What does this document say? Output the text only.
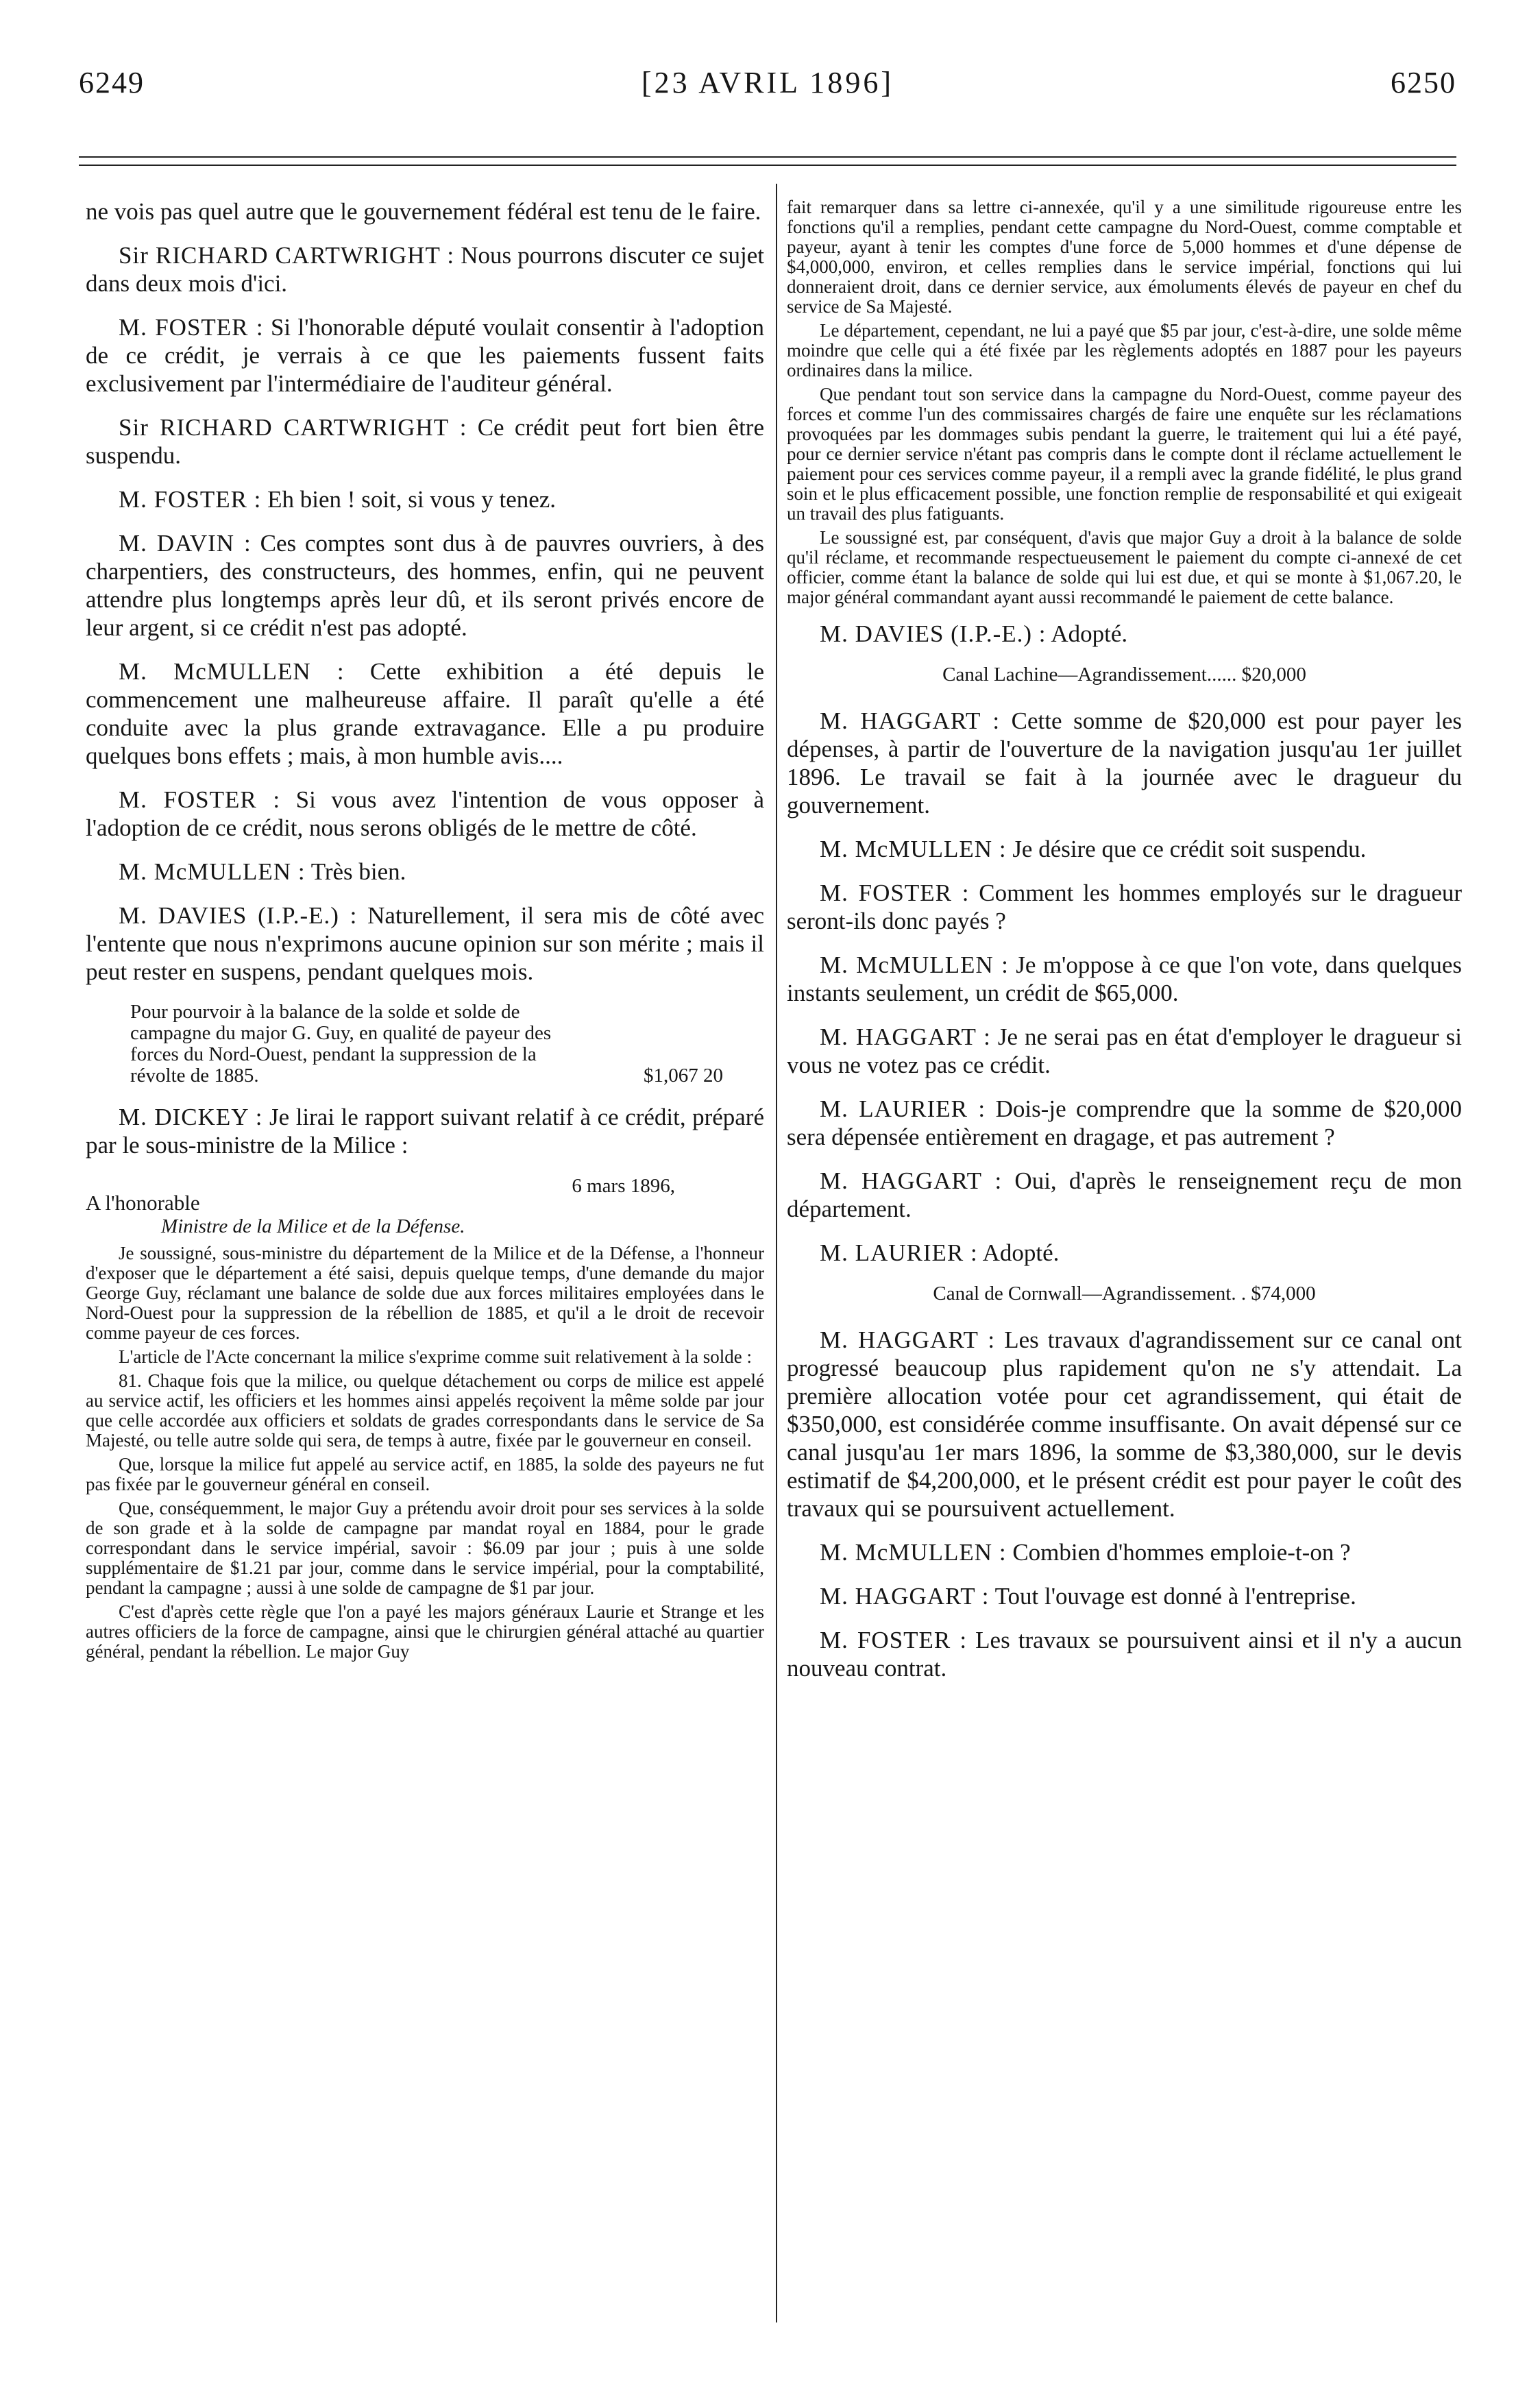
6249	[23 AVRIL 1896]	6250

ne vois pas quel autre que le gouvernement fédéral est tenu de le faire.

Sir RICHARD CARTWRIGHT : Nous pourrons discuter ce sujet dans deux mois d'ici.

M. FOSTER : Si l'honorable député voulait consentir à l'adoption de ce crédit, je verrais à ce que les paiements fussent faits exclusivement par l'intermédiaire de l'auditeur général.

Sir RICHARD CARTWRIGHT : Ce crédit peut fort bien être suspendu.

M. FOSTER : Eh bien ! soit, si vous y tenez.

M. DAVIN : Ces comptes sont dus à de pauvres ouvriers, à des charpentiers, des constructeurs, des hommes, enfin, qui ne peuvent attendre plus longtemps après leur dû, et ils seront privés encore de leur argent, si ce crédit n'est pas adopté.

M. McMULLEN : Cette exhibition a été depuis le commencement une malheureuse affaire. Il paraît qu'elle a été conduite avec la plus grande extravagance. Elle a pu produire quelques bons effets ; mais, à mon humble avis....

M. FOSTER : Si vous avez l'intention de vous opposer à l'adoption de ce crédit, nous serons obligés de le mettre de côté.

M. McMULLEN : Très bien.

M. DAVIES (I.P.-E.) : Naturellement, il sera mis de côté avec l'entente que nous n'exprimons aucune opinion sur son mérite ; mais il peut rester en suspens, pendant quelques mois.

Pour pourvoir à la balance de la solde et solde de campagne du major G. Guy, en qualité de payeur des forces du Nord-Ouest, pendant la suppression de la révolte de 1885.	$1,067 20

M. DICKEY : Je lirai le rapport suivant relatif à ce crédit, préparé par le sous-ministre de la Milice :

6 mars 1896,
A l'honorable
Ministre de la Milice et de la Défense.

Je soussigné, sous-ministre du département de la Milice et de la Défense, a l'honneur d'exposer que le département a été saisi, depuis quelque temps, d'une demande du major George Guy, réclamant une balance de solde due aux forces militaires employées dans le Nord-Ouest pour la suppression de la rébellion de 1885, et qu'il a le droit de recevoir comme payeur de ces forces.

L'article de l'Acte concernant la milice s'exprime comme suit relativement à la solde :

81. Chaque fois que la milice, ou quelque détachement ou corps de milice est appelé au service actif, les officiers et les hommes ainsi appelés reçoivent la même solde par jour que celle accordée aux officiers et soldats de grades correspondants dans le service de Sa Majesté, ou telle autre solde qui sera, de temps à autre, fixée par le gouverneur en conseil.

Que, lorsque la milice fut appelé au service actif, en 1885, la solde des payeurs ne fut pas fixée par le gouverneur général en conseil.

Que, conséquemment, le major Guy a prétendu avoir droit pour ses services à la solde de son grade et à la solde de campagne par mandat royal en 1884, pour le grade correspondant dans le service impérial, savoir : $6.09 par jour ; puis à une solde supplémentaire de $1.21 par jour, comme dans le service impérial, pour la comptabilité, pendant la campagne ; aussi à une solde de campagne de $1 par jour.

C'est d'après cette règle que l'on a payé les majors généraux Laurie et Strange et les autres officiers de la force de campagne, ainsi que le chirurgien général attaché au quartier général, pendant la rébellion. Le major Guy

fait remarquer dans sa lettre ci-annexée, qu'il y a une similitude rigoureuse entre les fonctions qu'il a remplies, pendant cette campagne du Nord-Ouest, comme comptable et payeur, ayant à tenir les comptes d'une force de 5,000 hommes et d'une dépense de $4,000,000, environ, et celles remplies dans le service impérial, fonctions qui lui donneraient droit, dans ce dernier service, aux émoluments élevés de payeur en chef du service de Sa Majesté.

Le département, cependant, ne lui a payé que $5 par jour, c'est-à-dire, une solde même moindre que celle qui a été fixée par les règlements adoptés en 1887 pour les payeurs ordinaires dans la milice.

Que pendant tout son service dans la campagne du Nord-Ouest, comme payeur des forces et comme l'un des commissaires chargés de faire une enquête sur les réclamations provoquées par les dommages subis pendant la guerre, le traitement qui lui a été payé, pour ce dernier service n'étant pas compris dans le compte dont il réclame actuellement le paiement pour ces services comme payeur, il a rempli avec la grande fidélité, le plus grand soin et le plus efficacement possible, une fonction remplie de responsabilité et qui exigeait un travail des plus fatiguants.

Le soussigné est, par conséquent, d'avis que major Guy a droit à la balance de solde qu'il réclame, et recommande respectueusement le paiement du compte ci-annexé de cet officier, comme étant la balance de solde qui lui est due, et qui se monte à $1,067.20, le major général commandant ayant aussi recommandé le paiement de cette balance.

M. DAVIES (I.P.-E.) : Adopté.

Canal Lachine—Agrandissement...... $20,000

M. HAGGART : Cette somme de $20,000 est pour payer les dépenses, à partir de l'ouverture de la navigation jusqu'au 1er juillet 1896. Le travail se fait à la journée avec le dragueur du gouvernement.

M. McMULLEN : Je désire que ce crédit soit suspendu.

M. FOSTER : Comment les hommes employés sur le dragueur seront-ils donc payés ?

M. McMULLEN : Je m'oppose à ce que l'on vote, dans quelques instants seulement, un crédit de $65,000.

M. HAGGART : Je ne serai pas en état d'employer le dragueur si vous ne votez pas ce crédit.

M. LAURIER : Dois-je comprendre que la somme de $20,000 sera dépensée entièrement en dragage, et pas autrement ?

M. HAGGART : Oui, d'après le renseignement reçu de mon département.

M. LAURIER : Adopté.

Canal de Cornwall—Agrandissement. . $74,000

M. HAGGART : Les travaux d'agrandissement sur ce canal ont progressé beaucoup plus rapidement qu'on ne s'y attendait. La première allocation votée pour cet agrandissement, qui était de $350,000, est considérée comme insuffisante. On avait dépensé sur ce canal jusqu'au 1er mars 1896, la somme de $3,380,000, sur le devis estimatif de $4,200,000, et le présent crédit est pour payer le coût des travaux qui se poursuivent actuellement.

M. McMULLEN : Combien d'hommes emploie-t-on ?

M. HAGGART : Tout l'ouvage est donné à l'entreprise.

M. FOSTER : Les travaux se poursuivent ainsi et il n'y a aucun nouveau contrat.
